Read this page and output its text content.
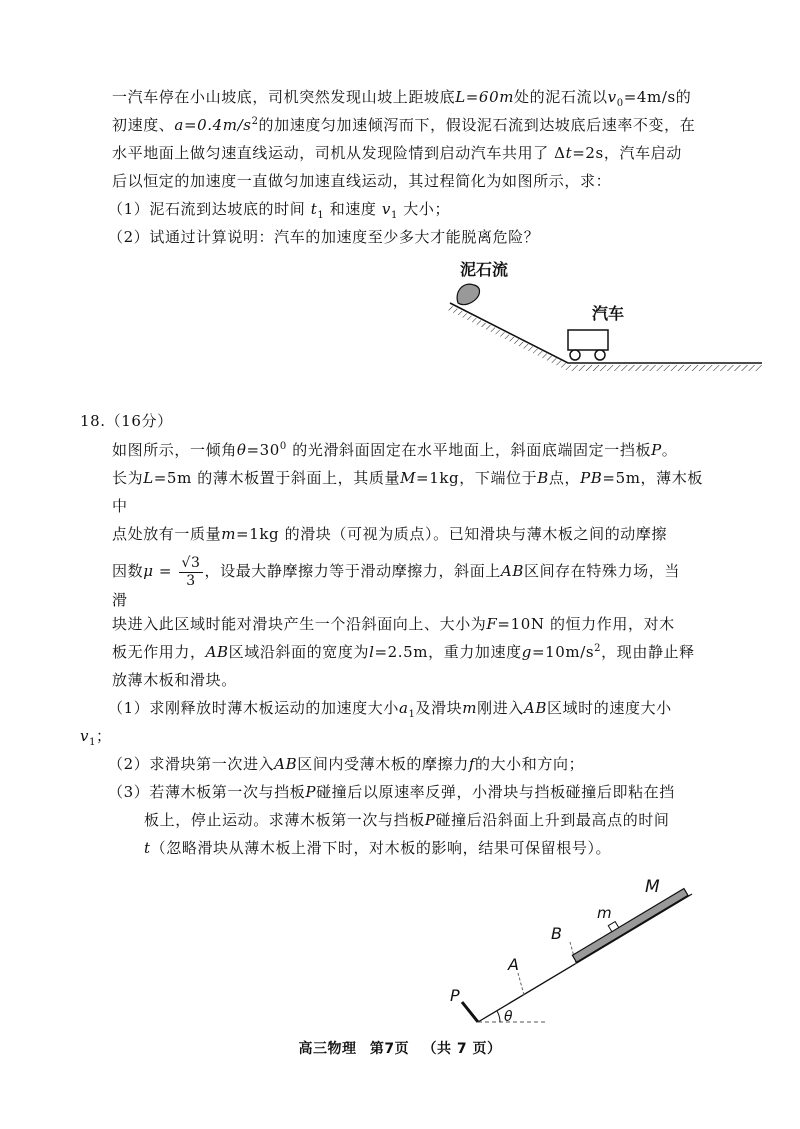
一汽车停在小山坡底，司机突然发现山坡上距坡底L=60m处的泥石流以$v_0=4m/s$的
初速度、$a=0.4m/s^2$的加速度匀加速倾泻而下，假设泥石流到达坡底后速率不变，在
水平地面上做匀速直线运动，司机从发现险情到启动汽车共用了 Δt=2s，汽车启动
后以恒定的加速度一直做匀加速直线运动，其过程简化为如图所示，求：
（1）泥石流到达坡底的时间 $t_1$ 和速度 $v_1$ 大小；
（2）试通过计算说明：汽车的加速度至少多大才能脱离危险？
泥石流
汽车
18.（16分）
如图所示，一倾角$\theta=30^0$ 的光滑斜面固定在水平地面上，斜面底端固定一挡板P。
长为L=5m 的薄木板置于斜面上，其质量M=1kg，下端位于B点，PB=5m，薄木板
中
点处放有一质量m=1kg 的滑块（可视为质点）。已知滑块与薄木板之间的动摩擦
因数$\mu = \frac{√3}{3}$ ，设最大静摩擦力等于滑动摩擦力，斜面上AB区间存在特殊力场，当
滑
块进入此区域时能对滑块产生一个沿斜面向上、大小为F=10N 的恒力作用，对木
板无作用力，AB区域沿斜面的宽度为l=2.5m，重力加速度$g=10m/s^2$，现由静止释
放薄木板和滑块。
（1）求刚释放时薄木板运动的加速度大小$a_1$及滑块m刚进入AB区域时的速度大小
$v_1$；
（2）求滑块第一次进入AB区间内受薄木板的摩擦力f的大小和方向；
（3）若薄木板第一次与挡板P碰撞后以原速率反弹，小滑块与挡板碰撞后即粘在挡
板上，停止运动。求薄木板第一次与挡板P碰撞后沿斜面上升到最高点的时间
t（忽略滑块从薄木板上滑下时，对木板的影响，结果可保留根号）。
P
θ
A
B
M
m
高三物理 第7页 （共 7 页）
